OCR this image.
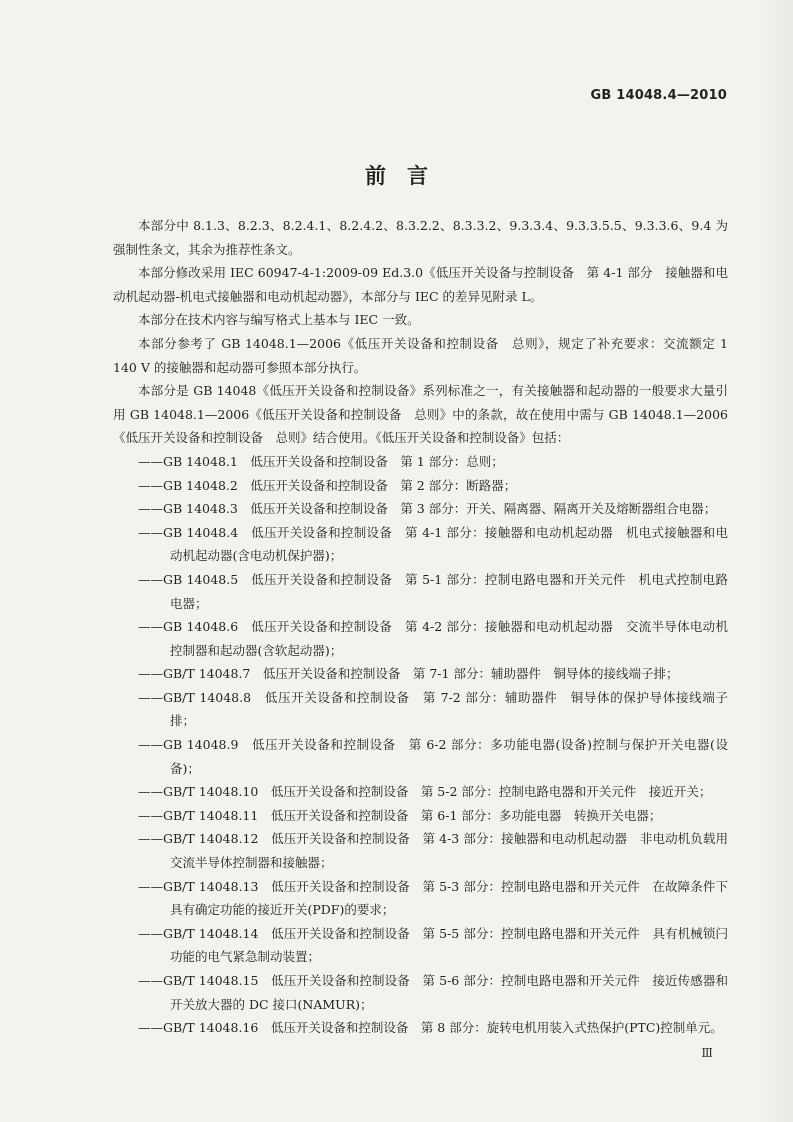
GB 14048.4—2010
前　言

本部分中 8.1.3、8.2.3、8.2.4.1、8.2.4.2、8.3.2.2、8.3.3.2、9.3.3.4、9.3.3.5.5、9.3.3.6、9.4 为强制性条文，其余为推荐性条文。

本部分修改采用 IEC 60947-4-1:2009-09 Ed.3.0《低压开关设备与控制设备　第 4-1 部分　接触器和电动机起动器-机电式接触器和电动机起动器》，本部分与 IEC 的差异见附录 L。

本部分在技术内容与编写格式上基本与 IEC 一致。

本部分参考了 GB 14048.1—2006《低压开关设备和控制设备　总则》，规定了补充要求：交流额定 1 140 V 的接触器和起动器可参照本部分执行。

本部分是 GB 14048《低压开关设备和控制设备》系列标准之一，有关接触器和起动器的一般要求大量引用 GB 14048.1—2006《低压开关设备和控制设备　总则》中的条款，故在使用中需与 GB 14048.1—2006《低压开关设备和控制设备　总则》结合使用。《低压开关设备和控制设备》包括：

——GB 14048.1　低压开关设备和控制设备　第 1 部分：总则；

——GB 14048.2　低压开关设备和控制设备　第 2 部分：断路器；

——GB 14048.3　低压开关设备和控制设备　第 3 部分：开关、隔离器、隔离开关及熔断器组合电器；

——GB 14048.4　低压开关设备和控制设备　第 4-1 部分：接触器和电动机起动器　机电式接触器和电动机起动器(含电动机保护器)；

——GB 14048.5　低压开关设备和控制设备　第 5-1 部分：控制电路电器和开关元件　机电式控制电路电器；

——GB 14048.6　低压开关设备和控制设备　第 4-2 部分：接触器和电动机起动器　交流半导体电动机控制器和起动器(含软起动器)；

——GB/T 14048.7　低压开关设备和控制设备　第 7-1 部分：辅助器件　铜导体的接线端子排；

——GB/T 14048.8　低压开关设备和控制设备　第 7-2 部分：辅助器件　铜导体的保护导体接线端子排；

——GB 14048.9　低压开关设备和控制设备　第 6-2 部分：多功能电器(设备)控制与保护开关电器(设备)；

——GB/T 14048.10　低压开关设备和控制设备　第 5-2 部分：控制电路电器和开关元件　接近开关；

——GB/T 14048.11　低压开关设备和控制设备　第 6-1 部分：多功能电器　转换开关电器；

——GB/T 14048.12　低压开关设备和控制设备　第 4-3 部分：接触器和电动机起动器　非电动机负载用交流半导体控制器和接触器；

——GB/T 14048.13　低压开关设备和控制设备　第 5-3 部分：控制电路电器和开关元件　在故障条件下具有确定功能的接近开关(PDF)的要求；

——GB/T 14048.14　低压开关设备和控制设备　第 5-5 部分：控制电路电器和开关元件　具有机械锁闩功能的电气紧急制动装置；

——GB/T 14048.15　低压开关设备和控制设备　第 5-6 部分：控制电路电器和开关元件　接近传感器和开关放大器的 DC 接口(NAMUR)；

——GB/T 14048.16　低压开关设备和控制设备　第 8 部分：旋转电机用装入式热保护(PTC)控制单元。

Ⅲ
